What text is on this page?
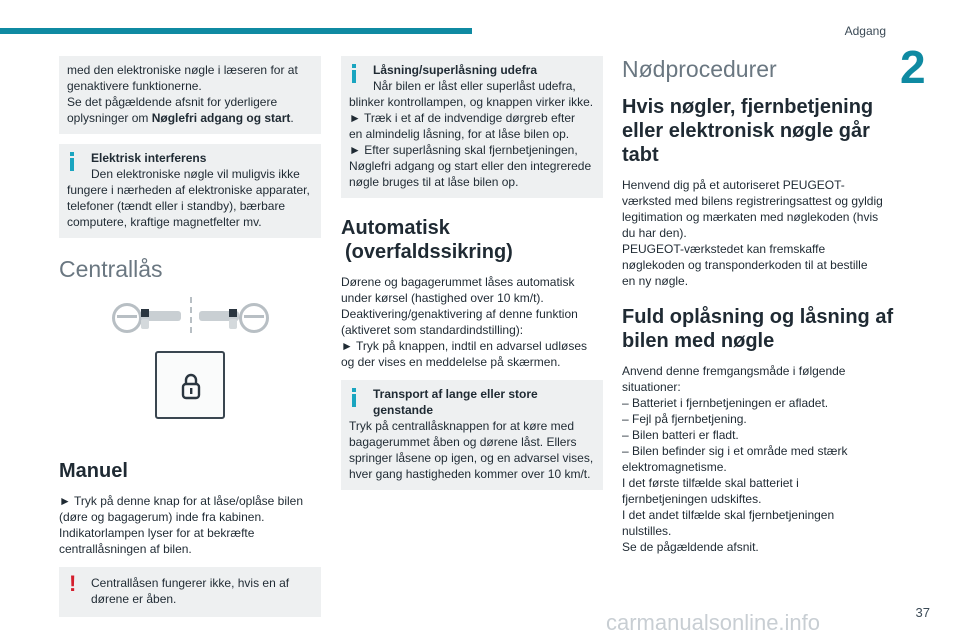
Adgang
2
med den elektroniske nøgle i læseren for at
genaktivere funktionerne.
Se det pågældende afsnit for yderligere
oplysninger om Nøglefri adgang og start.
Elektrisk interferens
Den elektroniske nøgle vil muligvis ikke
fungere i nærheden af elektroniske apparater,
telefoner (tændt eller i standby), bærbare
computere, kraftige magnetfelter mv.
Centrallås
Manuel
► Tryk på denne knap for at låse/oplåse bilen
(døre og bagagerum) inde fra kabinen.
Indikatorlampen lyser for at bekræfte
centrallåsningen af bilen.
! Centrallåsen fungerer ikke, hvis en af
dørene er åben.
Låsning/superlåsning udefra
Når bilen er låst eller superlåst udefra,
blinker kontrollampen, og knappen virker ikke.
► Træk i et af de indvendige dørgreb efter
en almindelig låsning, for at låse bilen op.
► Efter superlåsning skal fjernbetjeningen,
Nøglefri adgang og start eller den integrerede
nøgle bruges til at låse bilen op.
Automatisk
(overfaldssikring)
Dørene og bagagerummet låses automatisk
under kørsel (hastighed over 10 km/t).
Deaktivering/genaktivering af denne funktion
(aktiveret som standardindstilling):
► Tryk på knappen, indtil en advarsel udløses
og der vises en meddelelse på skærmen.
Transport af lange eller store
genstande
Tryk på centrallåsknappen for at køre med
bagagerummet åben og dørene låst. Ellers
springer låsene op igen, og en advarsel vises,
hver gang hastigheden kommer over 10 km/t.
Nødprocedurer
Hvis nøgler, fjernbetjening eller elektronisk nøgle går tabt
Henvend dig på et autoriseret PEUGEOT-
værksted med bilens registreringsattest og gyldig
legitimation og mærkaten med nøglekoden (hvis
du har den).
PEUGEOT-værkstedet kan fremskaffe
nøglekoden og transponderkoden til at bestille
en ny nøgle.
Fuld oplåsning og låsning af bilen med nøgle
Anvend denne fremgangsmåde i følgende
situationer:
– Batteriet i fjernbetjeningen er afladet.
– Fejl på fjernbetjening.
– Bilen batteri er fladt.
– Bilen befinder sig i et område med stærk
elektromagnetisme.
I det første tilfælde skal batteriet i
fjernbetjeningen udskiftes.
I det andet tilfælde skal fjernbetjeningen
nulstilles.
Se de pågældende afsnit.
carmanualsonline.info	37
